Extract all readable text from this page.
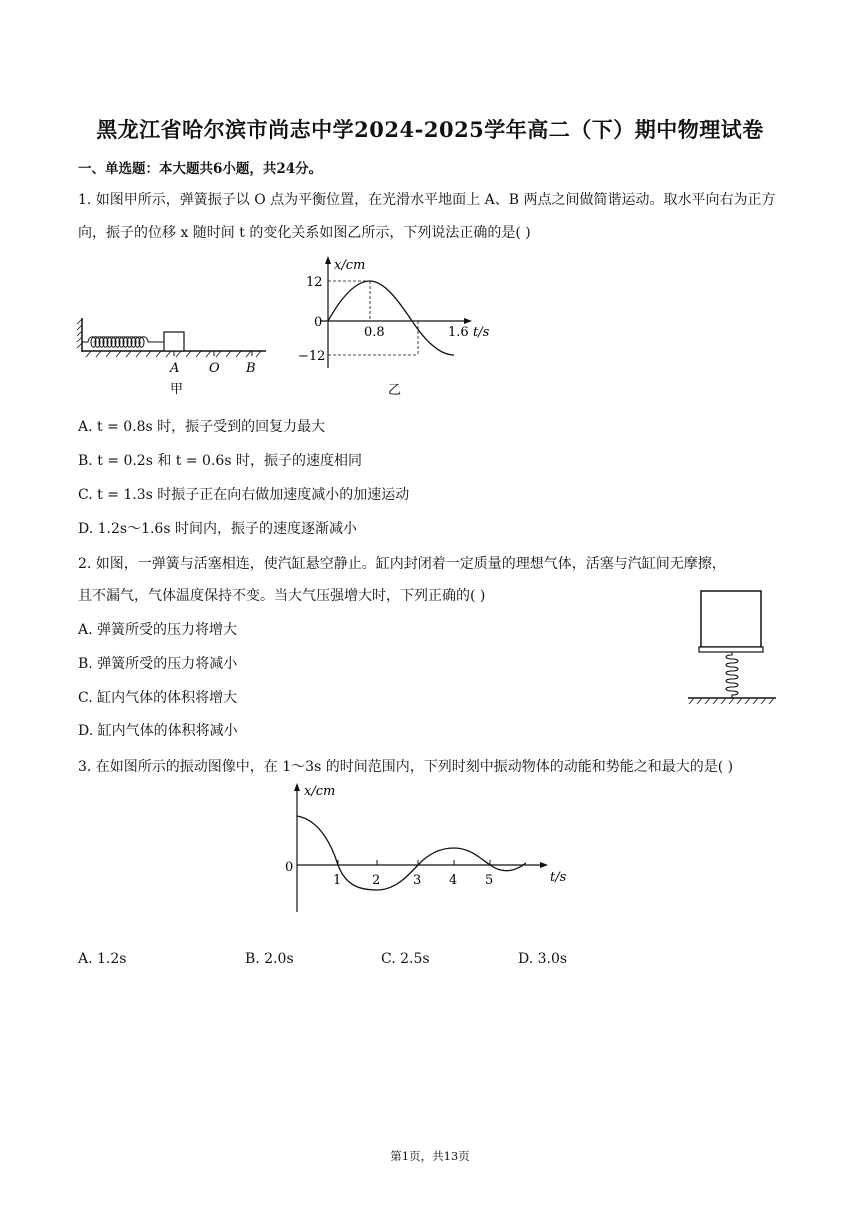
黑龙江省哈尔滨市尚志中学2024-2025学年高二（下）期中物理试卷
一、单选题：本大题共6小题，共24分。
1. 如图甲所示，弹簧振子以 O 点为平衡位置，在光滑水平地面上 A、B 两点之间做简谐运动。取水平向右为正方向，振子的位移 x 随时间 t 的变化关系如图乙所示，下列说法正确的是( )
A O B
甲
x/cm
t/s
12
−12
0
0.8	1.6
乙
A. t = 0.8s 时，振子受到的回复力最大
B. t = 0.2s 和 t = 0.6s 时，振子的速度相同
C. t = 1.3s 时振子正在向右做加速度减小的加速运动
D. 1.2s～1.6s 时间内，振子的速度逐渐减小
2. 如图，一弹簧与活塞相连，使汽缸悬空静止。缸内封闭着一定质量的理想气体，活塞与汽缸间无摩擦，
且不漏气，气体温度保持不变。当大气压强增大时，下列正确的( )
A. 弹簧所受的压力将增大
B. 弹簧所受的压力将减小
C. 缸内气体的体积将增大
D. 缸内气体的体积将减小
3. 在如图所示的振动图像中，在 1～3s 的时间范围内，下列时刻中振动物体的动能和势能之和最大的是( )
x/cm
t/s
0
1 2	3 4 5
A. 1.2s	B. 2.0s	C. 2.5s	D. 3.0s
第1页，共13页
